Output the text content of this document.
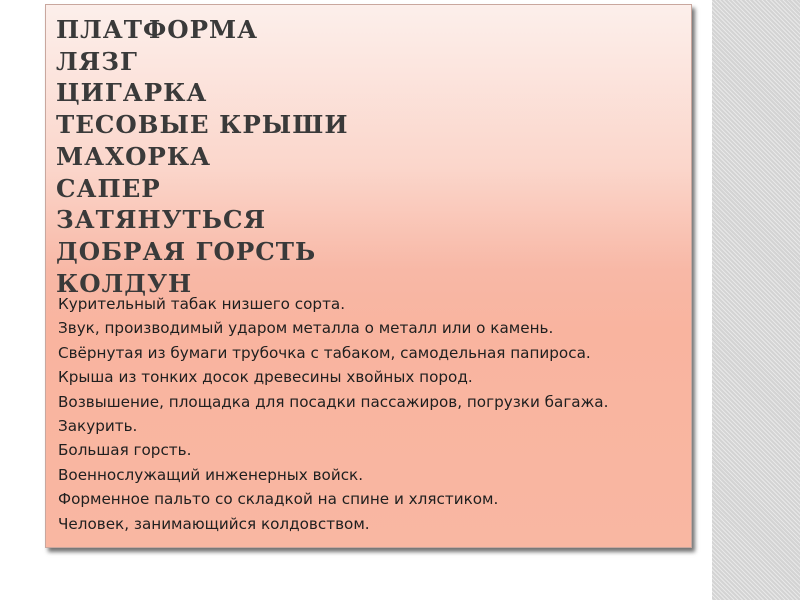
ПЛАТФОРМА
ЛЯЗГ
ЦИГАРКА
ТЕСОВЫЕ КРЫШИ
МАХОРКА
САПЕР
ЗАТЯНУТЬСЯ
ДОБРАЯ ГОРСТЬ
КОЛДУН
Курительный табак низшего сорта.
Звук, производимый ударом металла о металл или о камень.
Свёрнутая из бумаги трубочка с табаком, самодельная папироса.
Крыша из тонких досок древесины хвойных пород.
Возвышение, площадка для посадки пассажиров, погрузки багажа.
Закурить.
Большая горсть.
Военнослужащий инженерных войск.
Форменное пальто со складкой на спине и хлястиком.
Человек, занимающийся колдовством.
